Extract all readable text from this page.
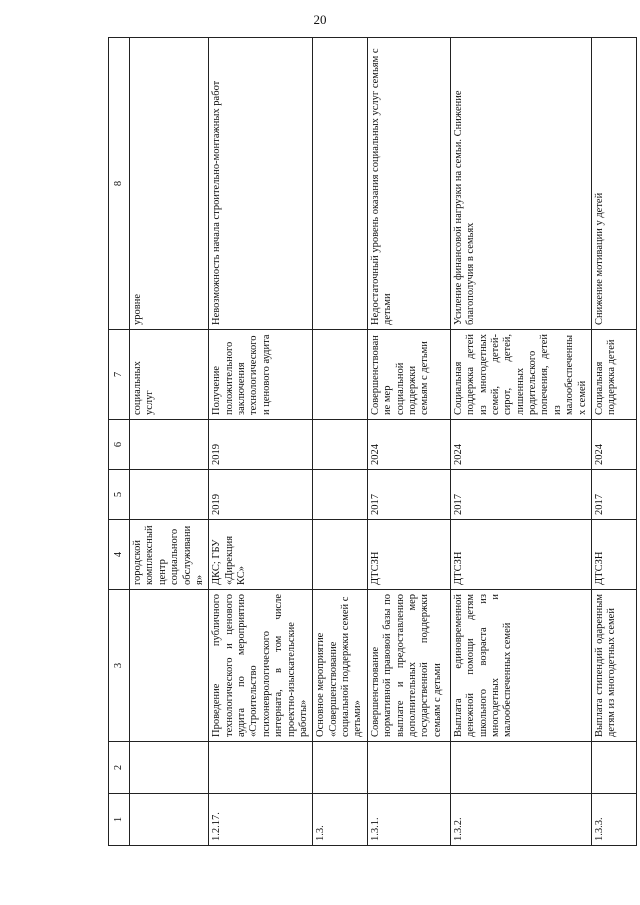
20
1	2	3	4	5	6	7	8
			городской комплексный центр социального обслуживания»			социальных услуг	уровне
1.2.17.		Проведение публичного технологического и ценового аудита по мероприятию «Строительство психоневрологического интерната, в том числе проектно-изыскательские работы»	ДКС; ГБУ «Дирекция КС»	2019	2019	Получение положительного заключения технологического и ценового аудита	Невозможность начала строительно-монтажных работ
1.3.		Основное мероприятие «Совершенствование социальной поддержки семей с детьми»					
1.3.1.		Совершенствование нормативной правовой базы по выплате и предоставлению дополнительных мер государственной поддержки семьям с детьми	ДТСЗН	2017	2024	Совершенствование мер социальной поддержки семьям с детьми	Недостаточный уровень оказания социальных услуг семьям с детьми
1.3.2.		Выплата единовременной денежной помощи детям школьного возраста из многодетных и малообеспеченных семей	ДТСЗН	2017	2024	Социальная поддержка детей из многодетных семей, детей-сирот, детей, лишенных родительского попечения, детей из малообеспеченных семей	Усиление финансовой нагрузки на семьи. Снижение благополучия в семьях
1.3.3.		Выплата стипендий одаренным детям из многодетных семей	ДТСЗН	2017	2024	Социальная поддержка детей	Снижение мотивации у детей
